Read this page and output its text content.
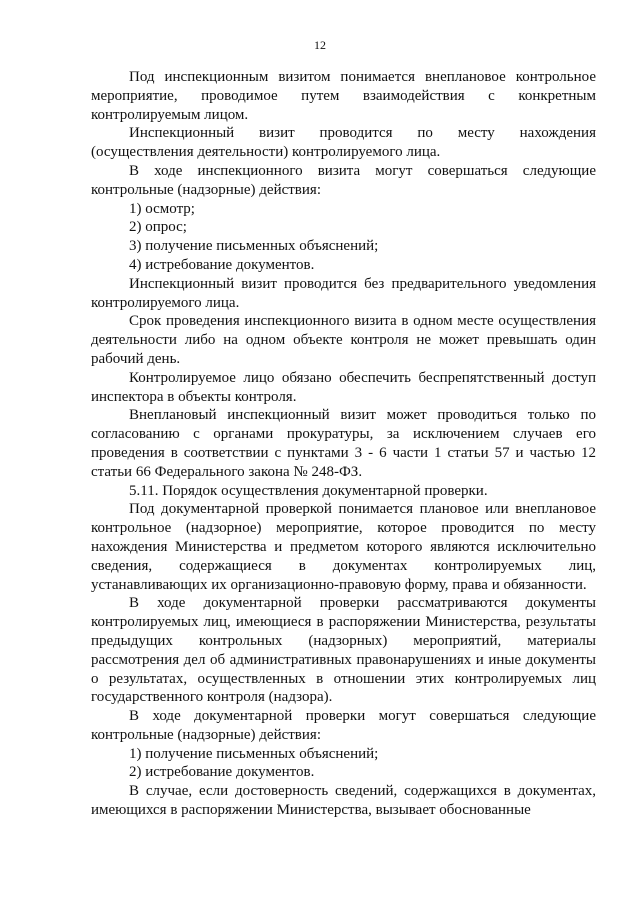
12

Под инспекционным визитом понимается внеплановое контрольное мероприятие, проводимое путем взаимодействия с конкретным контролируемым лицом.

Инспекционный визит проводится по месту нахождения (осуществления деятельности) контролируемого лица.

В ходе инспекционного визита могут совершаться следующие контрольные (надзорные) действия:

1) осмотр;

2) опрос;

3) получение письменных объяснений;

4) истребование документов.

Инспекционный визит проводится без предварительного уведомления контролируемого лица.

Срок проведения инспекционного визита в одном месте осуществления деятельности либо на одном объекте контроля не может превышать один рабочий день.

Контролируемое лицо обязано обеспечить беспрепятственный доступ инспектора в объекты контроля.

Внеплановый инспекционный визит может проводиться только по согласованию с органами прокуратуры, за исключением случаев его проведения в соответствии с пунктами 3 - 6 части 1 статьи 57 и частью 12 статьи 66 Федерального закона № 248-ФЗ.

5.11. Порядок осуществления документарной проверки.

Под документарной проверкой понимается плановое или внеплановое контрольное (надзорное) мероприятие, которое проводится по месту нахождения Министерства и предметом которого являются исключительно сведения, содержащиеся в документах контролируемых лиц, устанавливающих их организационно-правовую форму, права и обязанности.

В ходе документарной проверки рассматриваются документы контролируемых лиц, имеющиеся в распоряжении Министерства, результаты предыдущих контрольных (надзорных) мероприятий, материалы рассмотрения дел об административных правонарушениях и иные документы о результатах, осуществленных в отношении этих контролируемых лиц государственного контроля (надзора).

В ходе документарной проверки могут совершаться следующие контрольные (надзорные) действия:

1) получение письменных объяснений;

2) истребование документов.

В случае, если достоверность сведений, содержащихся в документах, имеющихся в распоряжении Министерства, вызывает обоснованные
